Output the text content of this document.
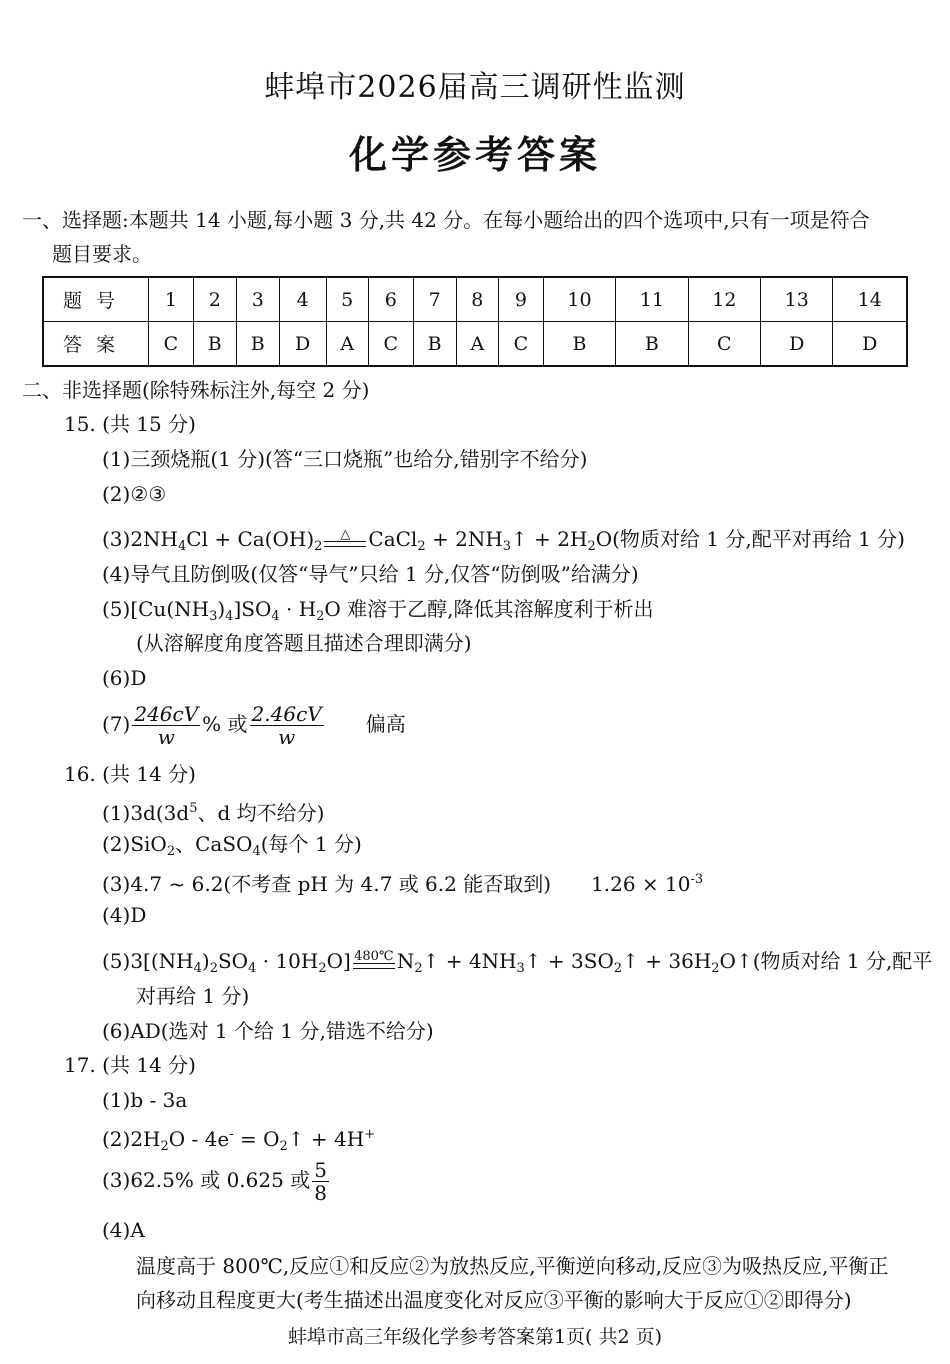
蚌埠市2026届高三调研性监测
化学参考答案
一、选择题:本题共 14 小题,每小题 3 分,共 42 分。在每小题给出的四个选项中,只有一项是符合
题目要求。
题号	1	2	3	4	5	6	7	8	9	10	11	12	13	14
答案	C	B	B	D	A	C	B	A	C	B	B	C	D	D
二、非选择题(除特殊标注外,每空 2 分)
15. (共 15 分)
(1)三颈烧瓶(1 分)(答“三口烧瓶”也给分,错别字不给分)
(2)②③
$(3)2NH_4Cl + Ca(OH)_2$
△ CaCl$_2$ + $2NH_3↑ + 2H_2O$(物质对给 1 分,配平对再给 1 分)
(4)导气且防倒吸(仅答“导气”只给 1 分,仅答“防倒吸”给满分)
$(5)[Cu(NH_3)_4]SO_4 \cdot H_2O$ 难溶于乙醇,降低其溶解度利于析出
(从溶解度角度答题且描述合理即满分)
(6)D
$(7) \frac{246cV}{w}$ % 或 $\frac{2.46cV}{w}$ 偏高
16. (共 14 分)
$(1)3d(3d^5$、d 均不给分)
(2)SiO$_2$、CaSO$_4$(每个 1 分)
(3)4.7 ~ 6.2(不考查 pH 为 4.7 或 6.2 能否取到) $1.26 \times 10^{-3}$
(4)D
$(5)3[(NH_4)_2SO_4 \cdot 10H_2O]$ 480℃ $N_2↑$ + $4NH_3↑$ + $3SO_2↑$ + $36H_2O↑$(物质对给 1 分,配平
对再给 1 分)
(6)AD(选对 1 个给 1 分,错选不给分)
17. (共 14 分)
(1)b - 3a
$(2)2H_2O - 4e^-$ = $O_2↑ + 4H^+$
(3)62.5% 或 0.625 或 $\frac{5}{8}$
(4)A
温度高于 800℃,反应①和反应②为放热反应,平衡逆向移动,反应③为吸热反应,平衡正
向移动且程度更大(考生描述出温度变化对反应③平衡的影响大于反应①②即得分)
蚌埠市高三年级化学参考答案第1页( 共2 页)
